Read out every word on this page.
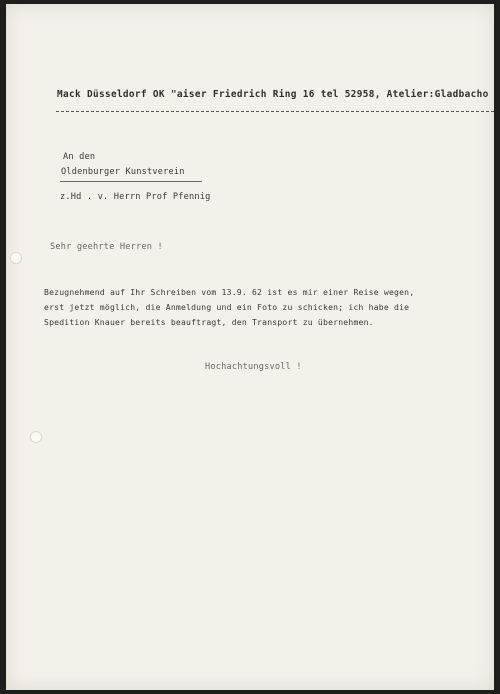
Mack Düsseldorf OK "aiser Friedrich Ring 16 tel 52958, Atelier:Gladbacho
An den
Oldenburger Kunstverein
z.Hd . v. Herrn Prof Pfennig
Sehr geehrte Herren !
Bezugnehmend auf Ihr Schreiben vom 13.9. 62 ist es mir einer Reise wegen,
erst jetzt möglich, die Anmeldung und ein Foto zu schicken; ich habe die
Spedition Knauer bereits beauftragt, den Transport zu übernehmen.
Hochachtungsvoll !
